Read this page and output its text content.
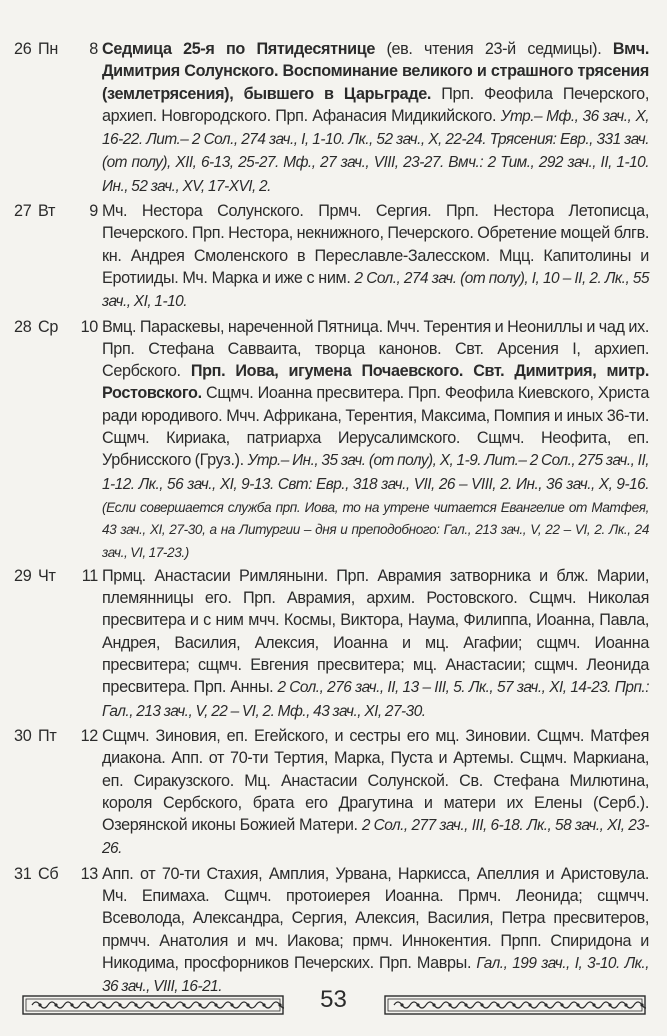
26 Пн	8 Седмица 25-я по Пятидесятнице (ев. чтения 23-й седмицы). Вмч. Димитрия Солунского. Воспоминание великого и страшного трясения (землетрясения), бывшего в Царьграде. Прп. Феофила Печерского, архиеп. Новгородского. Прп. Афанасия Мидикийского. Утр.– Мф., 36 зач., X, 16-22. Лит.– 2 Сол., 274 зач., I, 1-10. Лк., 52 зач., X, 22-24. Трясения: Евр., 331 зач. (от полу), XII, 6-13, 25-27. Мф., 27 зач., VIII, 23-27. Вмч.: 2 Тим., 292 зач., II, 1-10. Ин., 52 зач., XV, 17-XVI, 2.
27 Вт	9 Мч. Нестора Солунского. Прмч. Сергия. Прп. Нестора Летописца, Печерского. Прп. Нестора, некнижного, Печерского. Обретение мощей блгв. кн. Андрея Смоленского в Переславле-Залесском. Мцц. Капитолины и Еротииды. Мч. Марка и иже с ним. 2 Сол., 274 зач. (от полу), I, 10 – II, 2. Лк., 55 зач., XI, 1-10.
28 Ср	10 Вмц. Параскевы, нареченной Пятница. Мчч. Терентия и Неониллы и чад их. Прп. Стефана Савваита, творца канонов. Свт. Арсения I, архиеп. Сербского. Прп. Иова, игумена Почаевского. Свт. Димитрия, митр. Ростовского. Сщмч. Иоанна пресвитера. Прп. Феофила Киевского, Христа ради юродивого. Мчч. Африкана, Терентия, Максима, Помпия и иных 36-ти. Сщмч. Кириака, патриарха Иерусалимского. Сщмч. Неофита, еп. Урбнисского (Груз.). Утр.– Ин., 35 зач. (от полу), X, 1-9. Лит.– 2 Сол., 275 зач., II, 1-12. Лк., 56 зач., XI, 9-13. Свт: Евр., 318 зач., VII, 26 – VIII, 2. Ин., 36 зач., X, 9-16. (Если совершается служба прп. Иова, то на утрене читается Евангелие от Матфея, 43 зач., XI, 27-30, а на Литургии – дня и преподобного: Гал., 213 зач., V, 22 – VI, 2. Лк., 24 зач., VI, 17-23.)
29 Чт	11 Прмц. Анастасии Римляныни. Прп. Аврамия затворника и блж. Марии, племянницы его. Прп. Аврамия, архим. Ростовского. Сщмч. Николая пресвитера и с ним мчч. Космы, Виктора, Наума, Филиппа, Иоанна, Павла, Андрея, Василия, Алексия, Иоанна и мц. Агафии; сщмч. Иоанна пресвитера; сщмч. Евгения пресвитера; мц. Анастасии; сщмч. Леонида пресвитера. Прп. Анны. 2 Сол., 276 зач., II, 13 – III, 5. Лк., 57 зач., XI, 14-23. Прп.: Гал., 213 зач., V, 22 – VI, 2. Мф., 43 зач., XI, 27-30.
30 Пт	12 Сщмч. Зиновия, еп. Егейского, и сестры его мц. Зиновии. Сщмч. Матфея диакона. Апп. от 70-ти Тертия, Марка, Пуста и Артемы. Сщмч. Маркиана, еп. Сиракузского. Мц. Анастасии Солунской. Св. Стефана Милютина, короля Сербского, брата его Драгутина и матери их Елены (Серб.). Озерянской иконы Божией Матери. 2 Сол., 277 зач., III, 6-18. Лк., 58 зач., XI, 23-26.
31 Сб	13 Апп. от 70-ти Стахия, Амплия, Урвана, Наркисса, Апеллия и Аристовула. Мч. Епимаха. Сщмч. протоиерея Иоанна. Прмч. Леонида; сщмчч. Всеволода, Александра, Сергия, Алексия, Василия, Петра пресвитеров, прмчч. Анатолия и мч. Иакова; прмч. Иннокентия. Прпп. Спиридона и Никодима, просфорников Печерских. Прп. Мавры. Гал., 199 зач., I, 3-10. Лк., 36 зач., VIII, 16-21.	53
